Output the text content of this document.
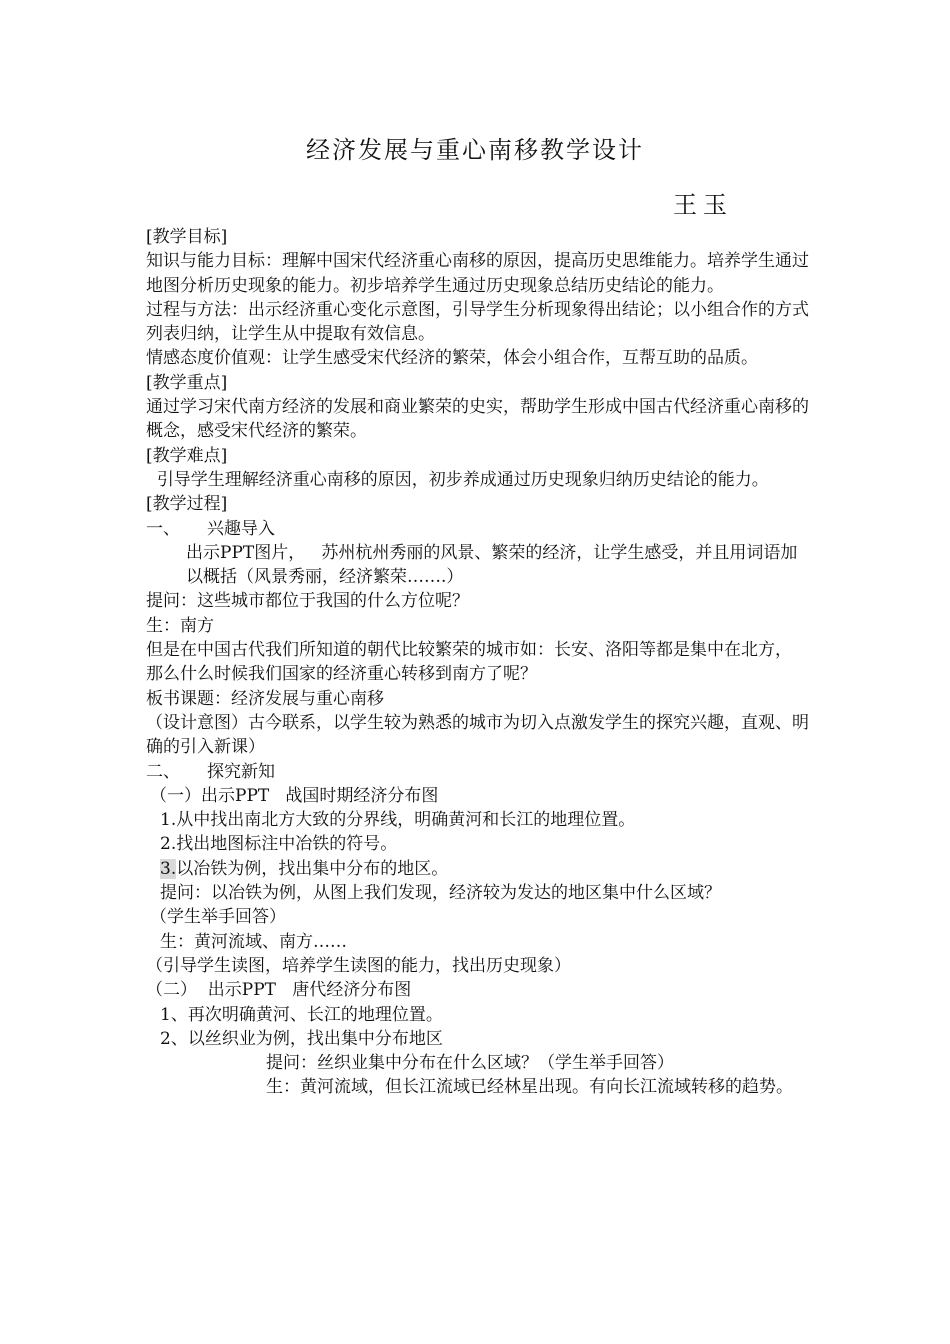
经济发展与重心南移教学设计
王玉

[教学目标]

知识与能力目标：理解中国宋代经济重心南移的原因，提高历史思维能力。培养学生通过地图分析历史现象的能力。初步培养学生通过历史现象总结历史结论的能力。

过程与方法：出示经济重心变化示意图，引导学生分析现象得出结论；以小组合作的方式列表归纳，让学生从中提取有效信息。

情感态度价值观：让学生感受宋代经济的繁荣，体会小组合作，互帮互助的品质。

[教学重点]

通过学习宋代南方经济的发展和商业繁荣的史实，帮助学生形成中国古代经济重心南移的概念，感受宋代经济的繁荣。

[教学难点]

引导学生理解经济重心南移的原因，初步养成通过历史现象归纳历史结论的能力。

[教学过程]

一、     兴趣导入

出示PPT图片，   苏州杭州秀丽的风景、繁荣的经济，让学生感受，并且用词语加以概括（风景秀丽，经济繁荣…….）

提问：这些城市都位于我国的什么方位呢？

生：南方

但是在中国古代我们所知道的朝代比较繁荣的城市如：长安、洛阳等都是集中在北方，

那么什么时候我们国家的经济重心转移到南方了呢？

板书课题：经济发展与重心南移

（设计意图）古今联系，以学生较为熟悉的城市为切入点激发学生的探究兴趣，直观、明确的引入新课）

二、     探究新知

（一）出示PPT   战国时期经济分布图

1.从中找出南北方大致的分界线，明确黄河和长江的地理位置。

2.找出地图标注中冶铁的符号。

3.以冶铁为例，找出集中分布的地区。

提问：以冶铁为例，从图上我们发现，经济较为发达的地区集中什么区域？

（学生举手回答）

生：黄河流域、南方……

（引导学生读图，培养学生读图的能力，找出历史现象）

（二）  出示PPT   唐代经济分布图

1、再次明确黄河、长江的地理位置。

2、以丝织业为例，找出集中分布地区

提问：丝织业集中分布在什么区域？（学生举手回答）

生：黄河流域，但长江流域已经林星出现。有向长江流域转移的趋势。
